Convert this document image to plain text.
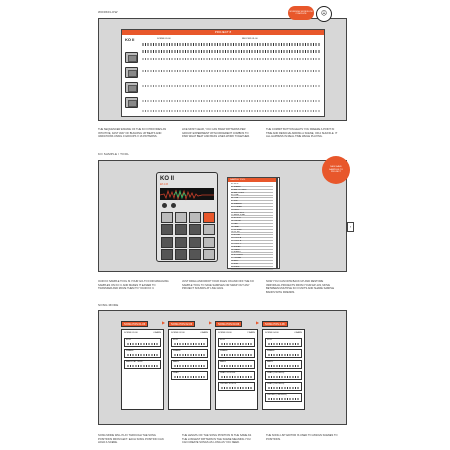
WORKFLOW
PROJECT 8
KO II	SCENE 01:00	RECORD 01:00
SOUNDING WORKFLOW COMPLETE	☹
THE SEQUENCER ENGINE OF THE KO II PROVIDES AN INTUITIVE, FAST WAY OF BUILDING UP BEATS AND VARIATIONS USING 9 GROUPS X 16 PATTERNS.
LIKE MOST GEAR, YOU CAN SWAP PATTERNS PER GROUP. EXPERIMENT WITH DIFFERENT COMBOS TO FIND WHAT BEAT AND BASS LINES WORK TOGETHER.
THE COMMIT BUTTON HELPS YOU FREEZE A POINT IN TIME AND RESOLVE ADDING A SCENE, OR A SHUFFLE. IT ALL HAPPENS IN REAL TIME WHILE PLAYING.
KO SAMPLE / TOOL
KO II
EP-133
SAMPLE TOOL
01 KICK
02 SNARE
03 HAT CLOSED
04 HAT OPEN
05 CLAP
06 TOM
07 RIM
08 SHAKER
09 CYMBAL
10 PERC
11 VOX CHOP
12 BASS STAB
13 SYNTH
14 CHORD
15 PAD
16 LEAD
17 FX RISE
18 FX HIT
19 NOISE
20 LOOP A
21 LOOP B
22 LOOP C
23 BREAK
24 PIANO
25 BRASS
26 STRINGS
27 ORGAN
28 BELL
29 SUB
30 USER
NEW SAVE SAMPLES TO PROJECT
›
OUR KO SAMPLE TOOL IS YOUR GO-TO FOR MANAGING SAMPLES ON KO II. AND MAKES IT EASIER TO TRANSFER AND MOVE THEM TO YOUR KO II.
JUST DRAG AND DROP YOUR FILES ON AND OFF THE KO SAMPLE TOOL TO SAVE SAMPLES OR SWAP OUT ANY PROJECT SOUNDS AT LIVE GIGS.
NOW YOU CAN NOW BACK UP AND RESTORE INDIVIDUAL PROJECTS FROM YOUR EP-133, MOVE BETWEEN MULTIPLE KO II UNITS AND SHARE SAMPLE BANKS WITH FRIENDS.
SONG MODE
SONG POS 01-06	▶
SCENE 01:00	4 BARS
KICK
SNARE
BASS PATTERN
SONG POS 02-06	▶
SCENE 02:00	4 BARS
KICK
SNARE
BASS
LEAD
SONG POS 03-06	▶
SCENE 03:00	2 BARS
KICK
SNARE
BASS
LEAD SYNTHS
CHORD SYNTH
SONG POS 4-06
SCENE 04:00	4 BARS
KICK
SNARE
BASS
LEAD (CHORUS)
LEAD (CHORUS)
CHORD (CHORUS)
SONG MODE WILL PLAY THROUGH THE SONG POSITIONS FROM LEFT. EACH SONG POSITION CAN HOLD A SCENE.
THE LENGTH OF THE SONG POSITION IS THE SAME AS THE LONGEST PATTERN IN THE SCENE MEANING YOU CAN CREATE SONGS AS LONG AS YOU NEED.
THE SONG LIST EDITOR IS USED TO ASSIGN SCENES TO POSITIONS.
